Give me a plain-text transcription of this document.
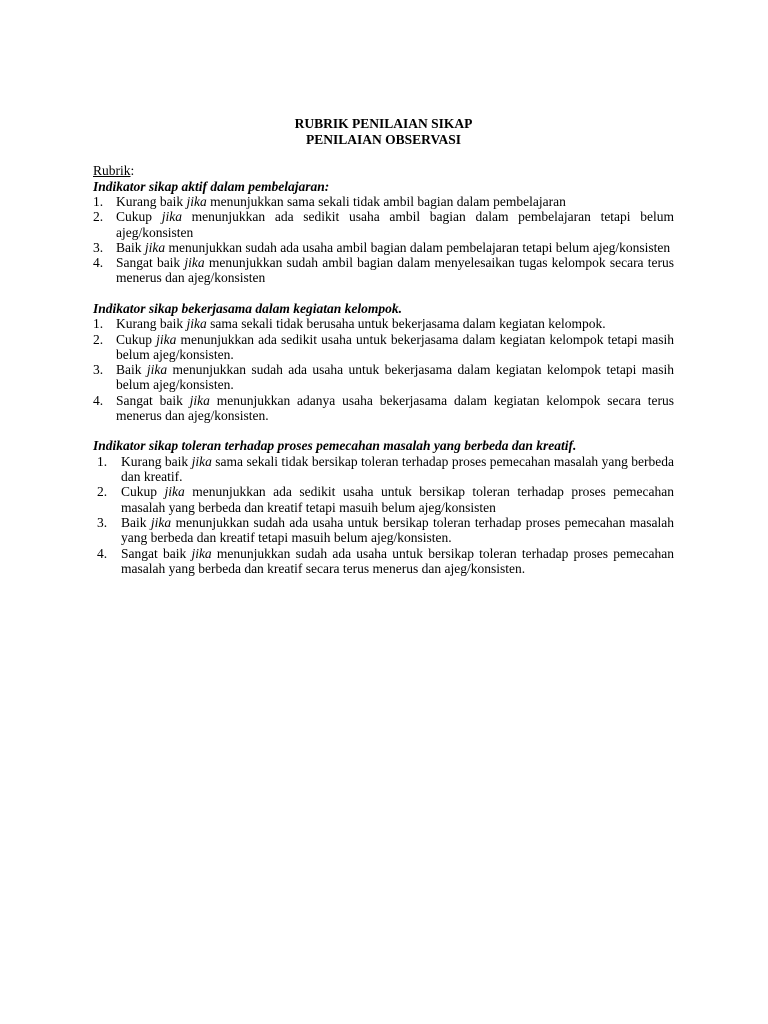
RUBRIK PENILAIAN SIKAP
PENILAIAN OBSERVASI
Rubrik:
Indikator sikap aktif dalam pembelajaran:
1. Kurang baik jika menunjukkan sama sekali tidak ambil bagian dalam pembelajaran
2. Cukup jika menunjukkan ada sedikit usaha ambil bagian dalam pembelajaran tetapi belum ajeg/konsisten
3. Baik jika menunjukkan sudah ada usaha ambil bagian dalam pembelajaran tetapi belum ajeg/konsisten
4. Sangat baik jika menunjukkan sudah ambil bagian dalam menyelesaikan tugas kelompok secara terus menerus dan ajeg/konsisten
Indikator sikap bekerjasama dalam kegiatan kelompok.
1. Kurang baik jika sama sekali tidak berusaha untuk bekerjasama dalam kegiatan kelompok.
2. Cukup jika menunjukkan ada sedikit usaha untuk bekerjasama dalam kegiatan kelompok tetapi masih belum ajeg/konsisten.
3. Baik jika menunjukkan sudah ada usaha untuk bekerjasama dalam kegiatan kelompok tetapi masih belum ajeg/konsisten.
4. Sangat baik jika menunjukkan adanya usaha bekerjasama dalam kegiatan kelompok secara terus menerus dan ajeg/konsisten.
Indikator sikap toleran terhadap proses pemecahan masalah yang berbeda dan kreatif.
1. Kurang baik jika sama sekali tidak bersikap toleran terhadap proses pemecahan masalah yang berbeda dan kreatif.
2. Cukup jika menunjukkan ada sedikit usaha untuk bersikap toleran terhadap proses pemecahan masalah yang berbeda dan kreatif tetapi masuih belum ajeg/konsisten
3. Baik jika menunjukkan sudah ada usaha untuk bersikap toleran terhadap proses pemecahan masalah yang berbeda dan kreatif tetapi masuih belum ajeg/konsisten.
4. Sangat baik jika menunjukkan sudah ada usaha untuk bersikap toleran terhadap proses pemecahan masalah yang berbeda dan kreatif secara terus menerus dan ajeg/konsisten.
